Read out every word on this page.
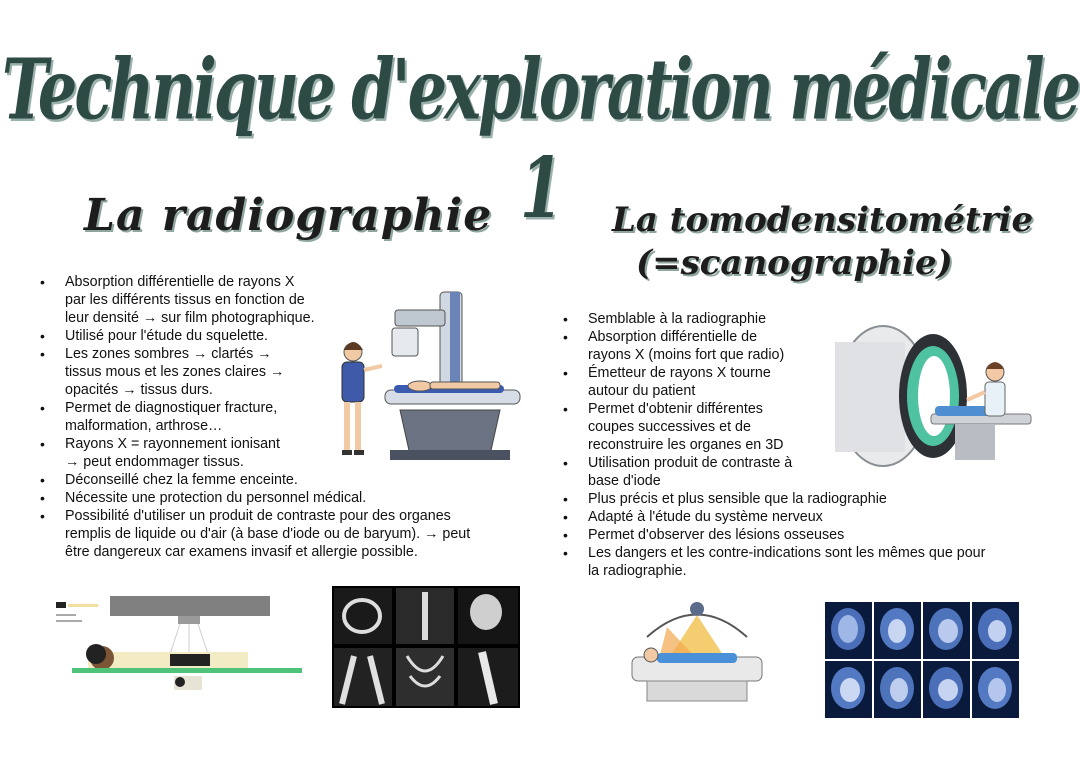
Technique d'exploration médicale 1
La radiographie	La tomodensitométrie
(=scanographie)
• Absorption différentielle de rayons X
par les différents tissus en fonction de
leur densité → sur film photographique.
• Utilisé pour l'étude du squelette.
• Les zones sombres → clartés →
tissus mous et les zones claires →
opacités → tissus durs.
• Permet de diagnostiquer fracture,
malformation, arthrose…
• Rayons X = rayonnement ionisant
→ peut endommager tissus.
• Déconseillé chez la femme enceinte.
• Nécessite une protection du personnel médical.
• Possibilité d'utiliser un produit de contraste pour des organes
remplis de liquide ou d'air (à base d'iode ou de baryum). → peut
être dangereux car examens invasif et allergie possible.
• Semblable à la radiographie
• Absorption différentielle de
rayons X (moins fort que radio)
• Émetteur de rayons X tourne
autour du patient
• Permet d'obtenir différentes
coupes successives et de
reconstruire les organes en 3D
• Utilisation produit de contraste à
base d'iode
• Plus précis et plus sensible que la radiographie
• Adapté à l'étude du système nerveux
• Permet d'observer des lésions osseuses
• Les dangers et les contre-indications sont les mêmes que pour
la radiographie.
